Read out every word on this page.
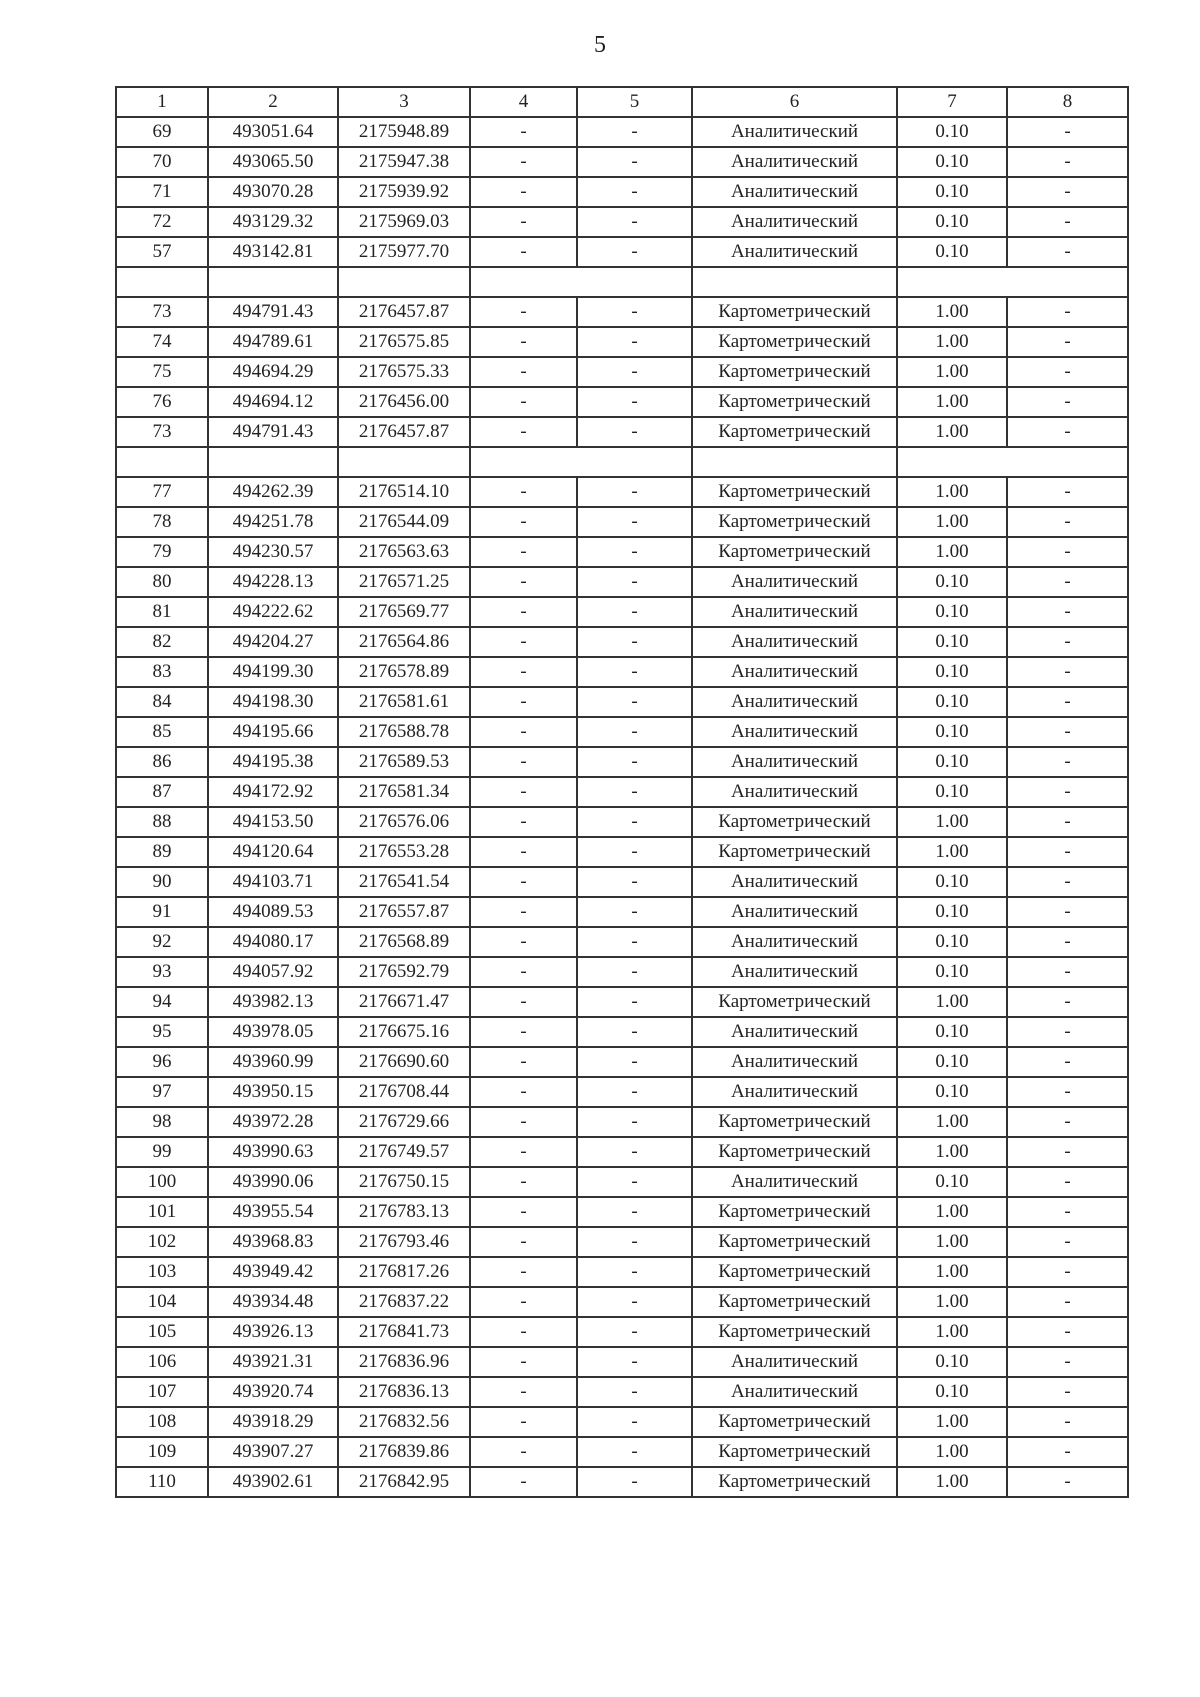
5
1	2	3	4	5	6	7	8
69	493051.64	2175948.89	-	-	Аналитический	0.10	-
70	493065.50	2175947.38	-	-	Аналитический	0.10	-
71	493070.28	2175939.92	-	-	Аналитический	0.10	-
72	493129.32	2175969.03	-	-	Аналитический	0.10	-
57	493142.81	2175977.70	-	-	Аналитический	0.10	-

73	494791.43	2176457.87	-	-	Картометрический	1.00	-
74	494789.61	2176575.85	-	-	Картометрический	1.00	-
75	494694.29	2176575.33	-	-	Картометрический	1.00	-
76	494694.12	2176456.00	-	-	Картометрический	1.00	-
73	494791.43	2176457.87	-	-	Картометрический	1.00	-

77	494262.39	2176514.10	-	-	Картометрический	1.00	-
78	494251.78	2176544.09	-	-	Картометрический	1.00	-
79	494230.57	2176563.63	-	-	Картометрический	1.00	-
80	494228.13	2176571.25	-	-	Аналитический	0.10	-
81	494222.62	2176569.77	-	-	Аналитический	0.10	-
82	494204.27	2176564.86	-	-	Аналитический	0.10	-
83	494199.30	2176578.89	-	-	Аналитический	0.10	-
84	494198.30	2176581.61	-	-	Аналитический	0.10	-
85	494195.66	2176588.78	-	-	Аналитический	0.10	-
86	494195.38	2176589.53	-	-	Аналитический	0.10	-
87	494172.92	2176581.34	-	-	Аналитический	0.10	-
88	494153.50	2176576.06	-	-	Картометрический	1.00	-
89	494120.64	2176553.28	-	-	Картометрический	1.00	-
90	494103.71	2176541.54	-	-	Аналитический	0.10	-
91	494089.53	2176557.87	-	-	Аналитический	0.10	-
92	494080.17	2176568.89	-	-	Аналитический	0.10	-
93	494057.92	2176592.79	-	-	Аналитический	0.10	-
94	493982.13	2176671.47	-	-	Картометрический	1.00	-
95	493978.05	2176675.16	-	-	Аналитический	0.10	-
96	493960.99	2176690.60	-	-	Аналитический	0.10	-
97	493950.15	2176708.44	-	-	Аналитический	0.10	-
98	493972.28	2176729.66	-	-	Картометрический	1.00	-
99	493990.63	2176749.57	-	-	Картометрический	1.00	-
100	493990.06	2176750.15	-	-	Аналитический	0.10	-
101	493955.54	2176783.13	-	-	Картометрический	1.00	-
102	493968.83	2176793.46	-	-	Картометрический	1.00	-
103	493949.42	2176817.26	-	-	Картометрический	1.00	-
104	493934.48	2176837.22	-	-	Картометрический	1.00	-
105	493926.13	2176841.73	-	-	Картометрический	1.00	-
106	493921.31	2176836.96	-	-	Аналитический	0.10	-
107	493920.74	2176836.13	-	-	Аналитический	0.10	-
108	493918.29	2176832.56	-	-	Картометрический	1.00	-
109	493907.27	2176839.86	-	-	Картометрический	1.00	-
110	493902.61	2176842.95	-	-	Картометрический	1.00	-
